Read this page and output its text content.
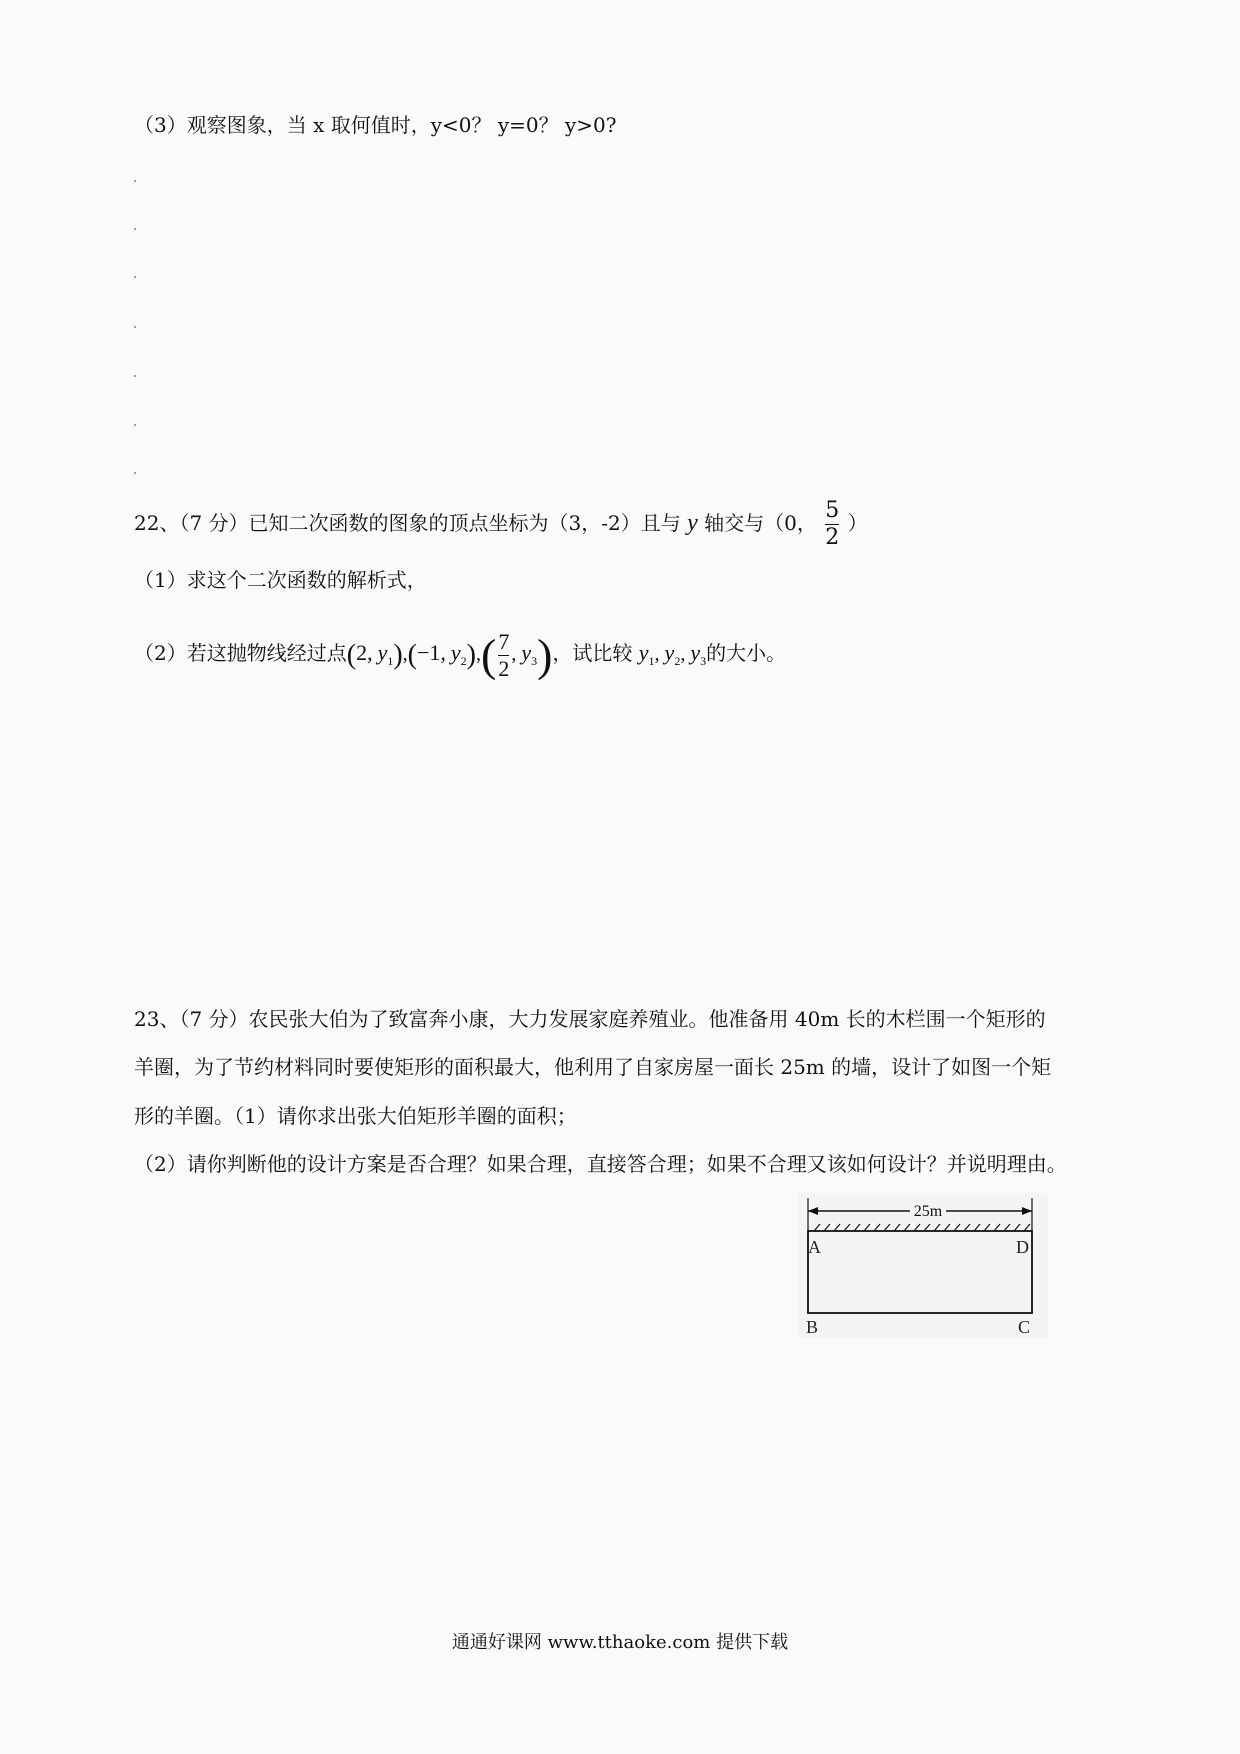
（3）观察图象，当 x 取何值时，y<0？ y=0？ y>0?
22、（7 分）已知二次函数的图象的顶点坐标为（3，-2）且与 y 轴交与（0， $\frac{5}{2}$ ）
（1）求这个二次函数的解析式，
（2）若这抛物线经过点(2, $y_1),(-1$, $y_2),( \frac{7}{2}$ , $y_3$)，试比较 $y_1$, $y_2$, $y_3$的大小。
23、（7 分）农民张大伯为了致富奔小康，大力发展家庭养殖业。他准备用 40m 长的木栏围一个矩形的
羊圈，为了节约材料同时要使矩形的面积最大，他利用了自家房屋一面长 25m 的墙，设计了如图一个矩
形的羊圈。（1）请你求出张大伯矩形羊圈的面积；
（2）请你判断他的设计方案是否合理？如果合理，直接答合理；如果不合理又该如何设计？并说明理由。
25m
A	D
B	C
通通好课网 www.tthaoke.com 提供下载
